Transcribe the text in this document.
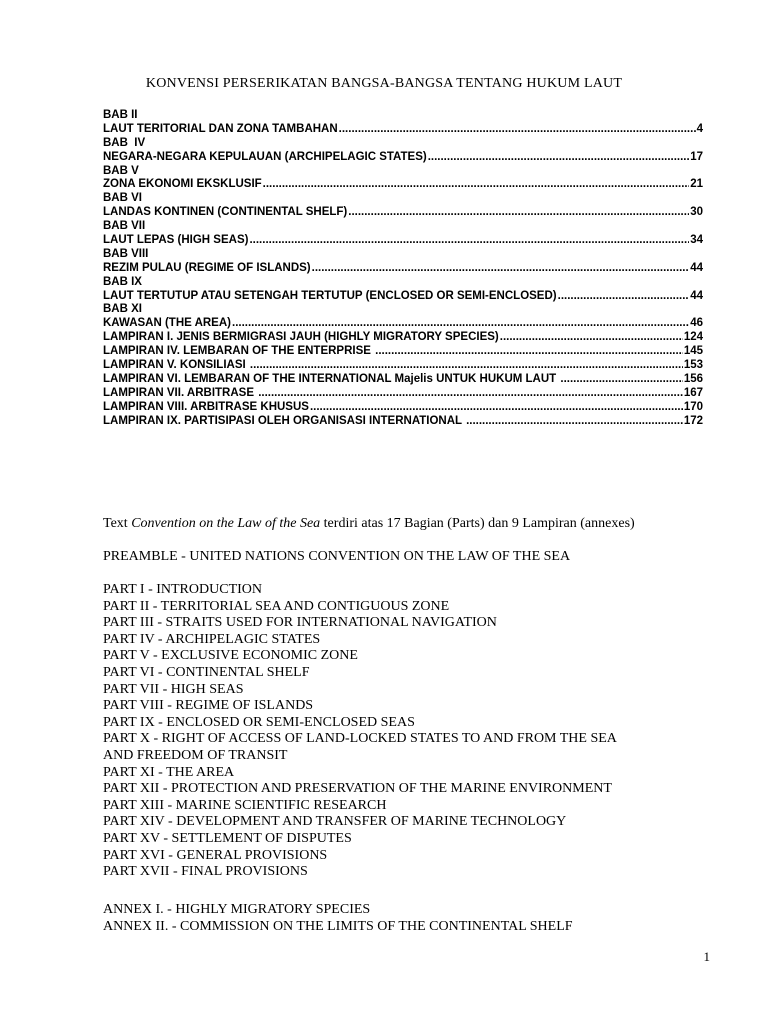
KONVENSI PERSERIKATAN BANGSA-BANGSA TENTANG HUKUM LAUT
BAB II
LAUT TERITORIAL DAN ZONA TAMBAHAN .....	4
BAB  IV
NEGARA-NEGARA KEPULAUAN (ARCHIPELAGIC STATES) .....	17
BAB V
ZONA EKONOMI EKSKLUSIF .....	21
BAB VI
LANDAS KONTINEN (CONTINENTAL SHELF) .....	30
BAB VII
LAUT LEPAS (HIGH SEAS) .....	34
BAB VIII
REZIM PULAU (REGIME OF ISLANDS) .....	44
BAB IX
LAUT TERTUTUP ATAU SETENGAH TERTUTUP (ENCLOSED OR SEMI-ENCLOSED) .....	44
BAB XI
KAWASAN (THE AREA) .....	46
LAMPIRAN I. JENIS BERMIGRASI JAUH (HIGHLY MIGRATORY SPECIES) .....	124
LAMPIRAN IV. LEMBARAN OF THE ENTERPRISE .....	145
LAMPIRAN V. KONSILIASI .....	153
LAMPIRAN VI. LEMBARAN OF THE INTERNATIONAL Majelis UNTUK HUKUM LAUT .....	156
LAMPIRAN VII. ARBITRASE .....	167
LAMPIRAN VIII. ARBITRASE KHUSUS .....	170
LAMPIRAN IX. PARTISIPASI OLEH ORGANISASI INTERNATIONAL .....	172
Text Convention on the Law of the Sea terdiri atas 17 Bagian (Parts) dan 9 Lampiran (annexes)
PREAMBLE - UNITED NATIONS CONVENTION ON THE LAW OF THE SEA
PART I - INTRODUCTION
PART II - TERRITORIAL SEA AND CONTIGUOUS ZONE
PART III - STRAITS USED FOR INTERNATIONAL NAVIGATION
PART IV - ARCHIPELAGIC STATES
PART V - EXCLUSIVE ECONOMIC ZONE
PART VI - CONTINENTAL SHELF
PART VII - HIGH SEAS
PART VIII - REGIME OF ISLANDS
PART IX - ENCLOSED OR SEMI-ENCLOSED SEAS
PART X - RIGHT OF ACCESS OF LAND-LOCKED STATES TO AND FROM THE SEA
AND FREEDOM OF TRANSIT
PART XI - THE AREA
PART XII - PROTECTION AND PRESERVATION OF THE MARINE ENVIRONMENT
PART XIII - MARINE SCIENTIFIC RESEARCH
PART XIV - DEVELOPMENT AND TRANSFER OF MARINE TECHNOLOGY
PART XV - SETTLEMENT OF DISPUTES
PART XVI - GENERAL PROVISIONS
PART XVII - FINAL PROVISIONS
ANNEX I. - HIGHLY MIGRATORY SPECIES
ANNEX II. - COMMISSION ON THE LIMITS OF THE CONTINENTAL SHELF
1
